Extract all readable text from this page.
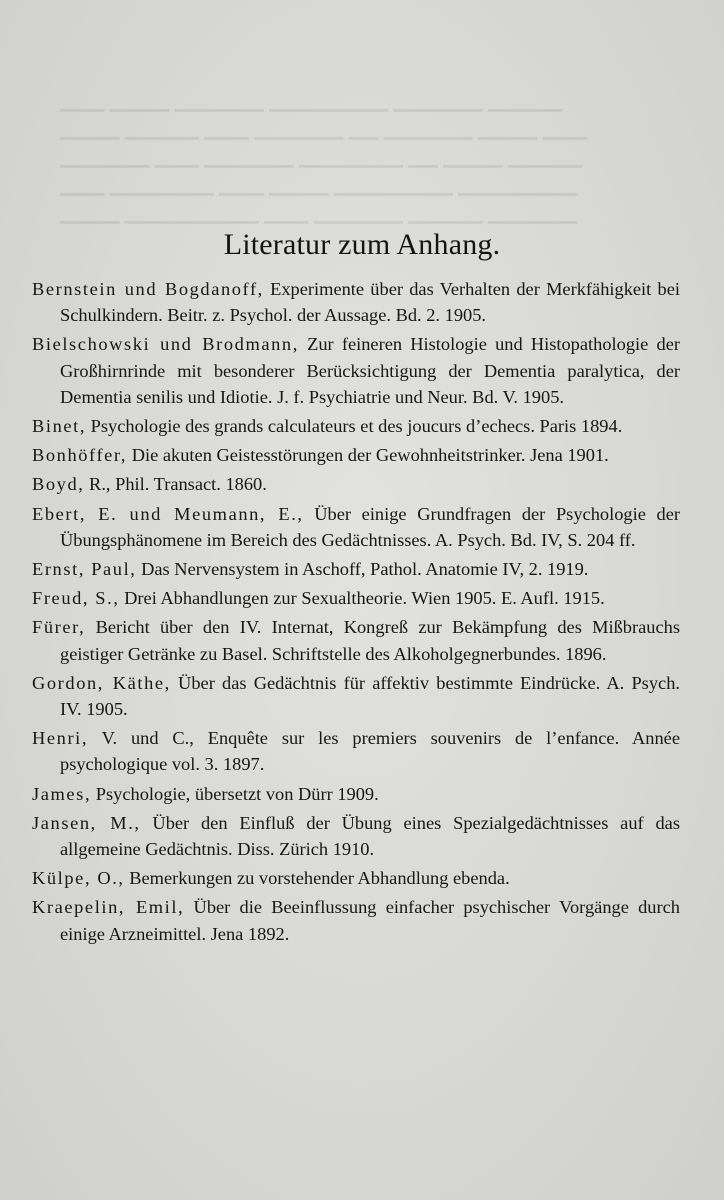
▁▁▁ ▁▁▁▁ ▁▁▁▁▁▁ ▁▁▁▁▁▁▁▁ ▁▁▁▁▁▁ ▁▁▁▁▁
▁▁▁▁ ▁▁▁▁▁ ▁▁▁ ▁▁▁▁▁▁ ▁▁ ▁▁▁▁▁▁ ▁▁▁▁ ▁▁▁
▁▁▁▁▁▁ ▁▁▁ ▁▁▁▁▁▁ ▁▁▁▁▁▁▁ ▁▁ ▁▁▁▁ ▁▁▁▁▁
▁▁▁ ▁▁▁▁▁▁▁ ▁▁▁ ▁▁▁▁ ▁▁▁▁▁▁▁▁ ▁▁▁▁▁▁▁▁
▁▁▁▁ ▁▁▁▁▁▁▁▁▁ ▁▁▁ ▁▁▁▁▁▁ ▁▁▁▁▁ ▁▁▁▁▁▁
Literatur zum Anhang.

Bernstein und Bogdanoff, Experimente über das Verhalten der Merkfähigkeit bei Schulkindern. Beitr. z. Psychol. der Aussage. Bd. 2. 1905.

Bielschowski und Brodmann, Zur feineren Histologie und Histopathologie der Großhirnrinde mit besonderer Berücksichtigung der Dementia paralytica, der Dementia senilis und Idiotie. J. f. Psychiatrie und Neur. Bd. V. 1905.

Binet, Psychologie des grands calculateurs et des joucurs d’echecs. Paris 1894.

Bonhöffer, Die akuten Geistesstörungen der Gewohnheitstrinker. Jena 1901.

Boyd, R., Phil. Transact. 1860.

Ebert, E. und Meumann, E., Über einige Grundfragen der Psychologie der Übungsphänomene im Bereich des Gedächtnisses. A. Psych. Bd. IV, S. 204 ff.

Ernst, Paul, Das Nervensystem in Aschoff, Pathol. Anatomie IV, 2. 1919.

Freud, S., Drei Abhandlungen zur Sexualtheorie. Wien 1905. E. Aufl. 1915.

Fürer, Bericht über den IV. Internat, Kongreß zur Bekämpfung des Mißbrauchs geistiger Getränke zu Basel. Schriftstelle des Alkoholgegnerbundes. 1896.

Gordon, Käthe, Über das Gedächtnis für affektiv bestimmte Eindrücke. A. Psych. IV. 1905.

Henri, V. und C., Enquête sur les premiers souvenirs de l’enfance. Année psychologique vol. 3. 1897.

James, Psychologie, übersetzt von Dürr 1909.

Jansen, M., Über den Einfluß der Übung eines Spezialgedächtnisses auf das allgemeine Gedächtnis. Diss. Zürich 1910.

Külpe, O., Bemerkungen zu vorstehender Abhandlung ebenda.

Kraepelin, Emil, Über die Beeinflussung einfacher psychischer Vorgänge durch einige Arzneimittel. Jena 1892.
